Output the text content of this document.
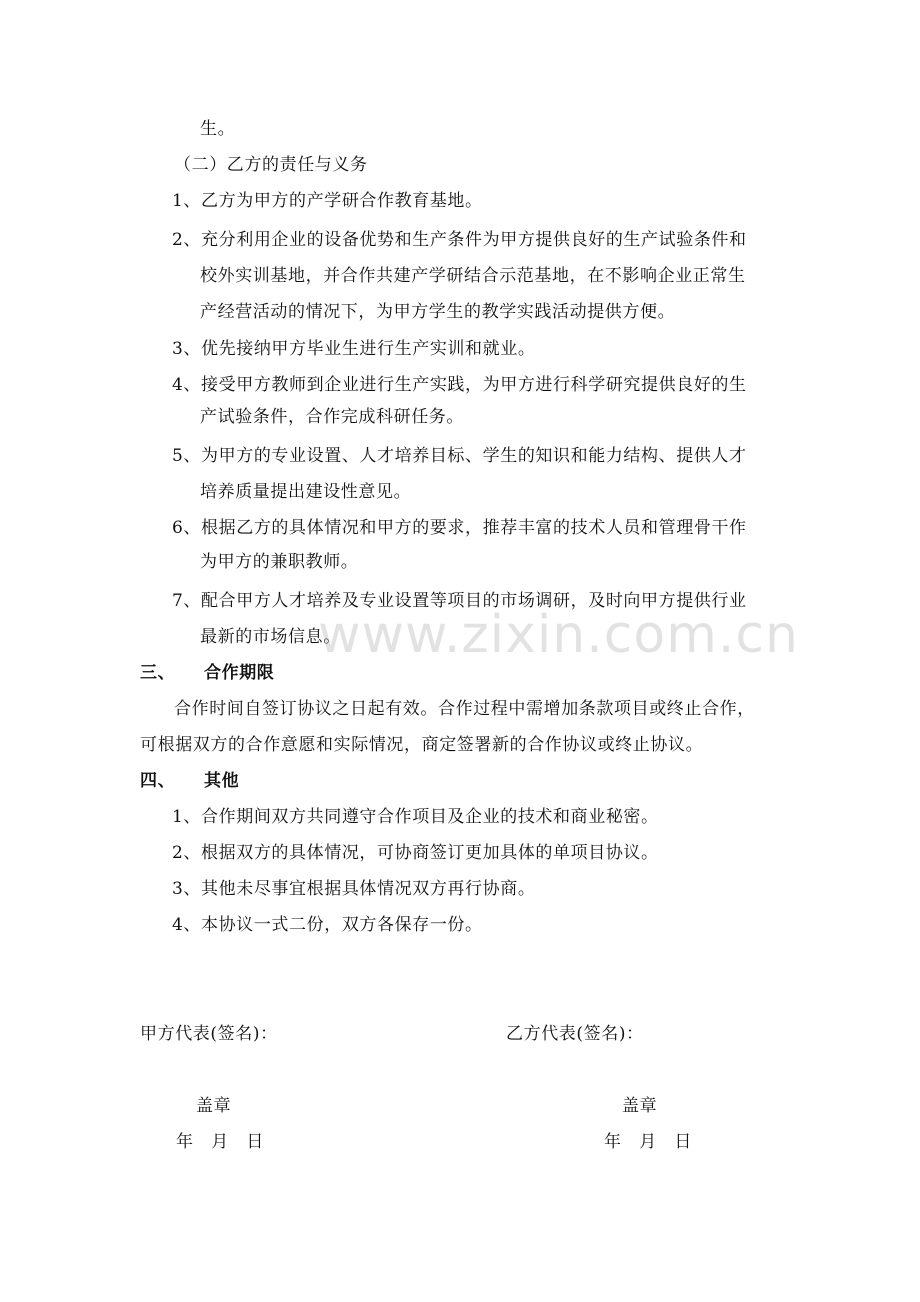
生。
（二）乙方的责任与义务
1、乙方为甲方的产学研合作教育基地。
2、充分利用企业的设备优势和生产条件为甲方提供良好的生产试验条件和
校外实训基地，并合作共建产学研结合示范基地，在不影响企业正常生
产经营活动的情况下，为甲方学生的教学实践活动提供方便。
3、优先接纳甲方毕业生进行生产实训和就业。
4、接受甲方教师到企业进行生产实践，为甲方进行科学研究提供良好的生
产试验条件，合作完成科研任务。
5、为甲方的专业设置、人才培养目标、学生的知识和能力结构、提供人才
培养质量提出建设性意见。
6、根据乙方的具体情况和甲方的要求，推荐丰富的技术人员和管理骨干作
为甲方的兼职教师。
7、配合甲方人才培养及专业设置等项目的市场调研，及时向甲方提供行业
最新的市场信息。
www.zixin.com.cn
三、 合作期限
合作时间自签订协议之日起有效。合作过程中需增加条款项目或终止合作，
可根据双方的合作意愿和实际情况，商定签署新的合作协议或终止协议。
四、 其他
1、合作期间双方共同遵守合作项目及企业的技术和商业秘密。
2、根据双方的具体情况，可协商签订更加具体的单项目协议。
3、其他未尽事宜根据具体情况双方再行协商。
4、本协议一式二份，双方各保存一份。
甲方代表(签名)：	乙方代表(签名)：
盖章	盖章
年　月　日	年　月　日
